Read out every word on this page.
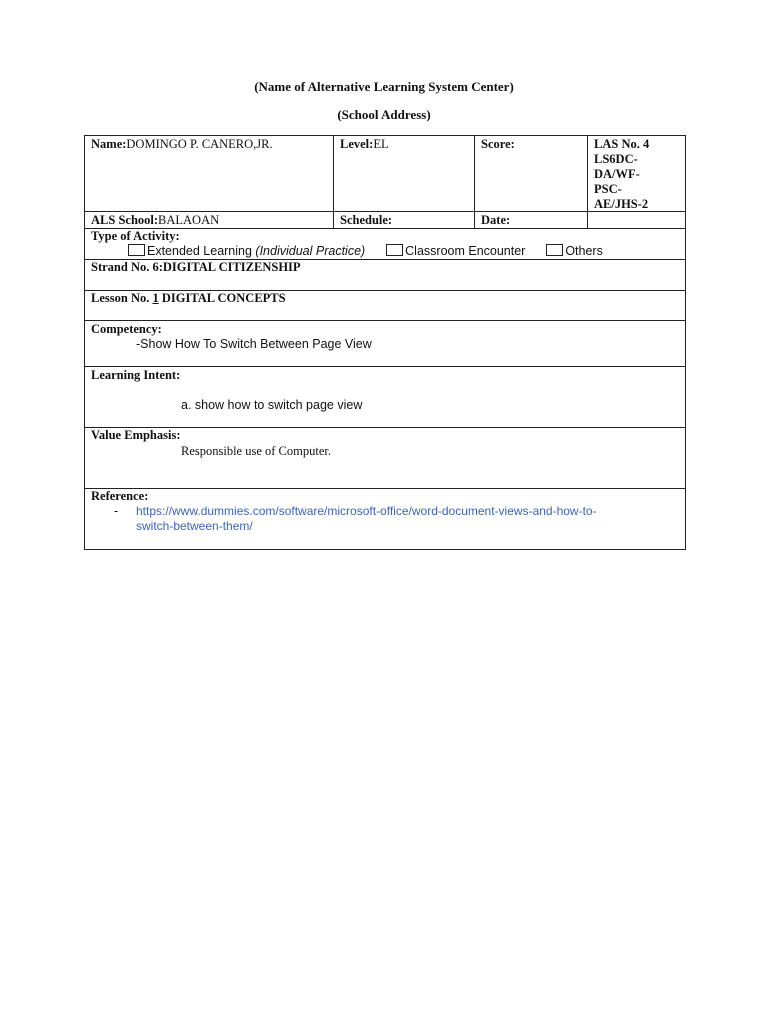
(Name of Alternative Learning System Center)
(School Address)
Name:DOMINGO P. CANERO,JR.	Level:EL	Score:	LAS No. 4
LS6DC-
DA/WF-
PSC-
AE/JHS-2
ALS School:BALAOAN	Schedule:	Date:
Type of Activity:
Extended Learning (Individual Practice)	Classroom Encounter	Others
Strand No. 6:DIGITAL CITIZENSHIP
Lesson No. 1 DIGITAL CONCEPTS
Competency:
-Show How To Switch Between Page View
Learning Intent:
a. show how to switch page view
Value Emphasis:
Responsible use of Computer.
Reference:
- https://www.dummies.com/software/microsoft-office/word-document-views-and-how-to-
switch-between-them/
